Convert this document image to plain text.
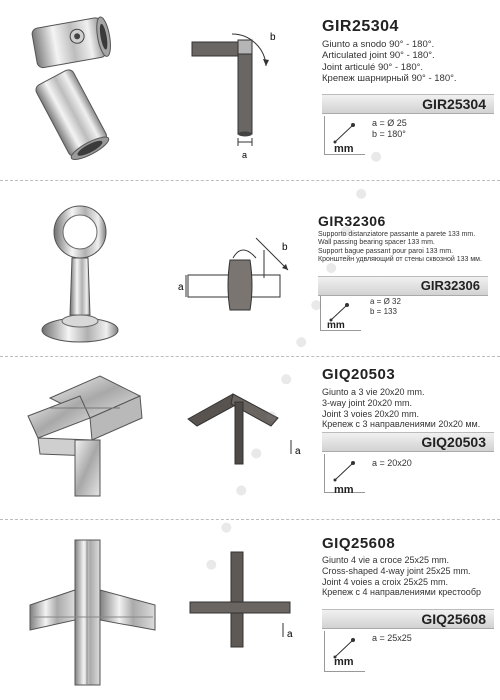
b
a

GIR25304

Giunto a snodo 90° - 180°.

Articulated joint 90° - 180°.

Joint articulé 90° - 180°.

Крепеж шарнирный 90° - 180°.

GIR25304
mm
a = Ø 25
b = 180°
b
a

GIR32306

Supporto distanziatore passante a parete 133 mm.

Wall passing bearing spacer 133 mm.

Support bague passant pour paroi 133 mm.

Кронштейн удвляющий от стены сквозной 133 мм.

GIR32306
mm
a = Ø 32
b = 133
a

GIQ20503

Giunto a 3 vie 20x20 mm.

3-way joint 20x20 mm.

Joint 3 voies 20x20 mm.

Крепеж с 3 направлениями 20x20 мм.

GIQ20503
mm
a = 20x20
a

GIQ25608

Giunto 4 vie a croce 25x25 mm.

Cross-shaped 4-way joint 25x25 mm.

Joint 4 voies a croix 25x25 mm.

Крепеж с 4 направлениями крестообр

GIQ25608
mm
a = 25x25
